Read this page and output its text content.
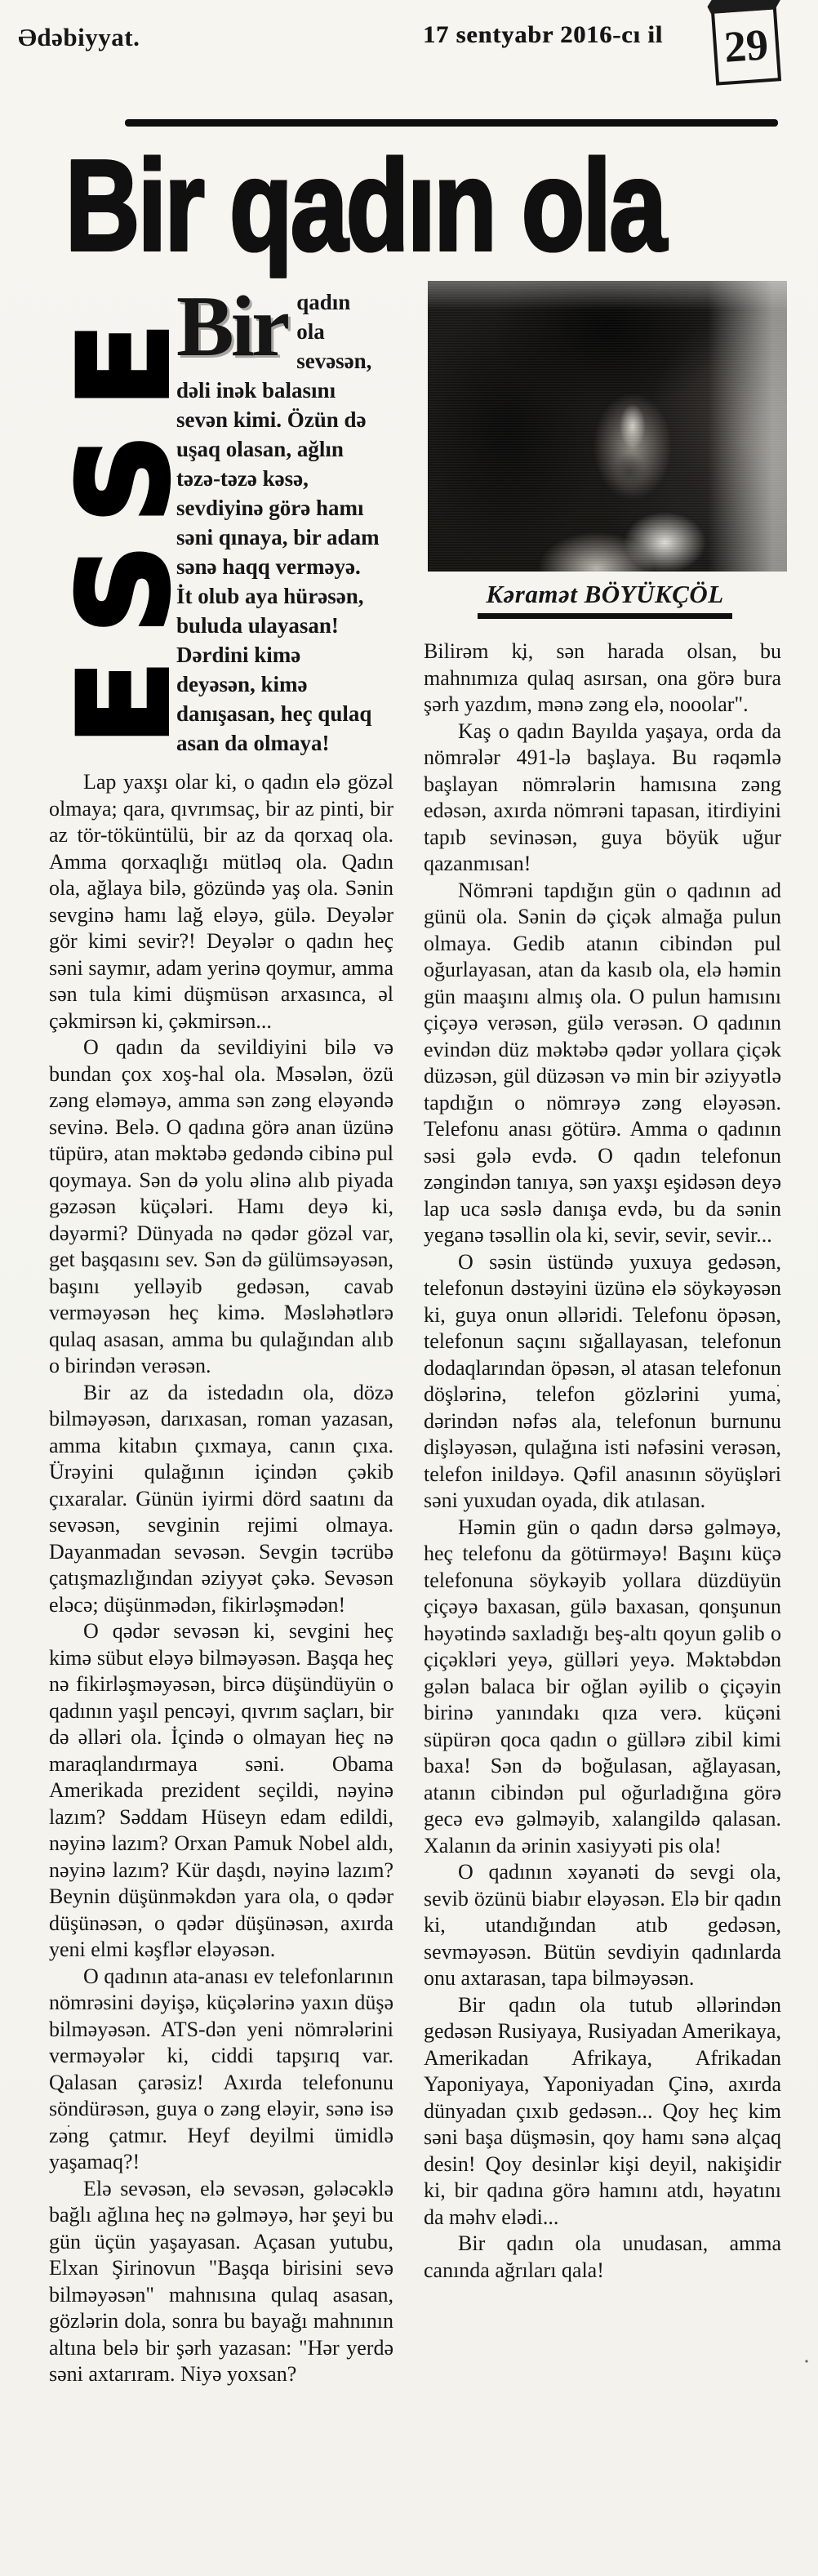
Ədəbiyyat.	17 sentyabr 2016-cı il	29
Bir qadın ola
ESSE
Bir qadın ola sevəsən, dəli inək balasını sevən kimi. Özün də uşaq olasan, ağlın təzə-təzə kəsə, sevdiyinə görə hamı səni qınaya, bir adam sənə haqq verməyə. İt olub aya hürəsən, buluda ulayasan! Dərdini kimə deyəsən, kimə danışasan, heç qulaq asan da olmaya!
Kəramət BÖYÜKÇÖL

Lap yaxşı olar ki, o qadın elə gözəl olmaya; qara, qıvrımsaç, bir az pinti, bir az tör-töküntülü, bir az da qorxaq ola. Amma qorxaqlığı mütləq ola. Qadın ola, ağlaya bilə, gözündə yaş ola. Sənin sevginə hamı lağ eləyə, gülə. Deyələr gör kimi sevir?! Deyələr o qadın heç səni saymır, adam yerinə qoymur, amma sən tula kimi düşmüsən arxasınca, əl çəkmirsən ki, çəkmirsən...

O qadın da sevildiyini bilə və bundan çox xoş-hal ola. Məsələn, özü zəng eləməyə, amma sən zəng eləyəndə sevinə. Belə. O qadına görə anan üzünə tüpürə, atan məktəbə gedəndə cibinə pul qoymaya. Sən də yolu əlinə alıb piyada gəzəsən küçələri. Hamı deyə ki, dəyərmi? Dünyada nə qədər gözəl var, get başqasını sev. Sən də gülümsəyəsən, başını yelləyib gedəsən, cavab verməyəsən heç kimə. Məsləhətlərə qulaq asasan, amma bu qulağından alıb o birindən verəsən.

Bir az da istedadın ola, dözə bilməyəsən, darıxasan, roman yazasan, amma kitabın çıxmaya, canın çıxa. Ürəyini qulağının içindən çəkib çıxaralar. Günün iyirmi dörd saatını da sevəsən, sevginin rejimi olmaya. Dayanmadan sevəsən. Sevgin təcrübə çatışmazlığından əziyyət çəkə. Sevəsən eləcə; düşünmədən, fikirləşmədən!

O qədər sevəsən ki, sevgini heç kimə sübut eləyə bilməyəsən. Başqa heç nə fikirləşməyəsən, bircə düşündüyün o qadının yaşıl pencəyi, qıvrım saçları, bir də əlləri ola. İçində o olmayan heç nə maraqlandırmaya səni. Obama Amerikada prezident seçildi, nəyinə lazım? Səddam Hüseyn edam edildi, nəyinə lazım? Orxan Pamuk Nobel aldı, nəyinə lazım? Kür daşdı, nəyinə lazım? Beynin düşünməkdən yara ola, o qədər düşünəsən, o qədər düşünəsən, axırda yeni elmi kəşflər eləyəsən.

O qadının ata-anası ev telefonlarının nömrəsini dəyişə, küçələrinə yaxın düşə bilməyəsən. ATS-dən yeni nömrələrini verməyələr ki, ciddi tapşırıq var. Qalasan çarəsiz! Axırda telefonunu söndürəsən, guya o zəng eləyir, sənə isə zəng çatmır. Heyf deyilmi ümidlə yaşamaq?!

Elə sevəsən, elə sevəsən, gələcəklə bağlı ağlına heç nə gəlməyə, hər şeyi bu gün üçün yaşayasan. Açasan yutubu, Elxan Şirinovun "Başqa birisini sevə bilməyəsən" mahnısına qulaq asasan, gözlərin dola, sonra bu bayağı mahnının altına belə bir şərh yazasan: "Hər yerdə səni axtarıram. Niyə yoxsan?

Bilirəm ki, sən harada olsan, bu mahnımıza qulaq asırsan, ona görə bura şərh yazdım, mənə zəng elə, nooolar".

Kaş o qadın Bayılda yaşaya, orda da nömrələr 491-lə başlaya. Bu rəqəmlə başlayan nömrələrin hamısına zəng edəsən, axırda nömrəni tapasan, itirdiyini tapıb sevinəsən, guya böyük uğur qazanmısan!

Nömrəni tapdığın gün o qadının ad günü ola. Sənin də çiçək almağa pulun olmaya. Gedib atanın cibindən pul oğurlayasan, atan da kasıb ola, elə həmin gün maaşını almış ola. O pulun hamısını çiçəyə verəsən, gülə verəsən. O qadının evindən düz məktəbə qədər yollara çiçək düzəsən, gül düzəsən və min bir əziyyətlə tapdığın o nömrəyə zəng eləyəsən. Telefonu anası götürə. Amma o qadının səsi gələ evdə. O qadın telefonun zəngindən tanıya, sən yaxşı eşidəsən deyə lap uca səslə danışa evdə, bu da sənin yeganə təsəllin ola ki, sevir, sevir, sevir...

O səsin üstündə yuxuya gedəsən, telefonun dəstəyini üzünə elə söykəyəsən ki, guya onun əlləridi. Telefonu öpəsən, telefonun saçını sığallayasan, telefonun dodaqlarından öpəsən, əl atasan telefonun döşlərinə, telefon gözlərini yuma, dərindən nəfəs ala, telefonun burnunu dişləyəsən, qulağına isti nəfəsini verəsən, telefon inildəyə. Qəfil anasının söyüşləri səni yuxudan oyada, dik atılasan.

Həmin gün o qadın dərsə gəlməyə, heç telefonu da götürməyə! Başını küçə telefonuna söykəyib yollara düzdüyün çiçəyə baxasan, gülə baxasan, qonşunun həyətində saxladığı beş-altı qoyun gəlib o çiçəkləri yeyə, gülləri yeyə. Məktəbdən gələn balaca bir oğlan əyilib o çiçəyin birinə yanındakı qıza verə. küçəni süpürən qoca qadın o güllərə zibil kimi baxa! Sən də boğulasan, ağlayasan, atanın cibindən pul oğurladığına görə gecə evə gəlməyib, xalangildə qalasan. Xalanın da ərinin xasiyyəti pis ola!

O qadının xəyanəti də sevgi ola, sevib özünü biabır eləyəsən. Elə bir qadın ki, utandığından atıb gedəsən, sevməyəsən. Bütün sevdiyin qadınlarda onu axtarasan, tapa bilməyəsən.

Bir qadın ola tutub əllərindən gedəsən Rusiyaya, Rusiyadan Amerikaya, Amerikadan Afrikaya, Afrikadan Yaponiyaya, Yaponiyadan Çinə, axırda dünyadan çıxıb gedəsən... Qoy heç kim səni başa düşməsin, qoy hamı sənə alçaq desin! Qoy desinlər kişi deyil, nakişidir ki, bir qadına görə hamını atdı, həyatını da məhv elədi...

Bir qadın ola unudasan, amma canında ağrıları qala!
